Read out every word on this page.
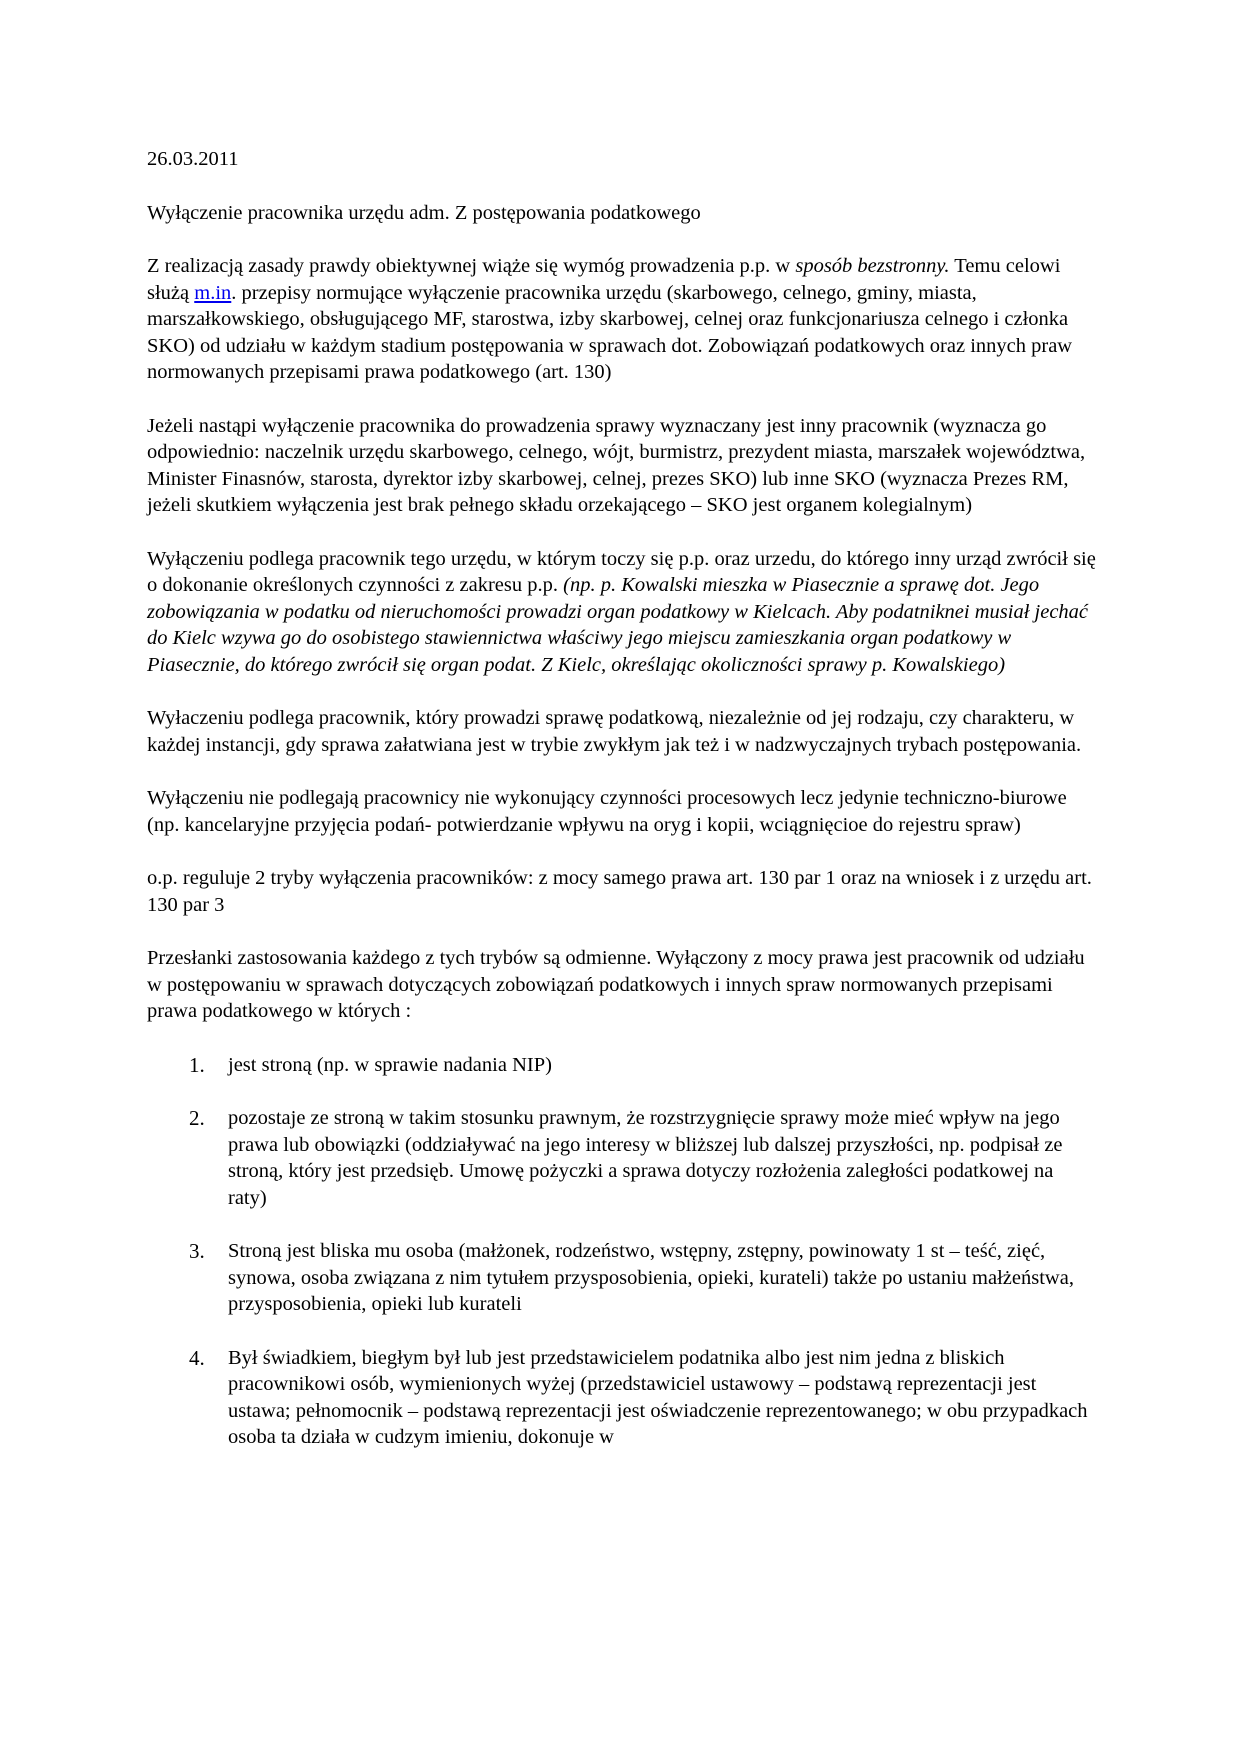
26.03.2011

Wyłączenie pracownika urzędu adm. Z postępowania podatkowego

Z realizacją zasady prawdy obiektywnej wiąże się wymóg prowadzenia p.p. w sposób bezstronny. Temu celowi służą m.in. przepisy normujące wyłączenie pracownika urzędu (skarbowego, celnego, gminy, miasta, marszałkowskiego, obsługującego MF, starostwa, izby skarbowej, celnej oraz funkcjonariusza celnego i członka SKO) od udziału w każdym stadium postępowania w sprawach dot. Zobowiązań podatkowych oraz innych praw normowanych przepisami prawa podatkowego (art. 130)

Jeżeli nastąpi wyłączenie pracownika do prowadzenia sprawy wyznaczany jest inny pracownik (wyznacza go odpowiednio: naczelnik urzędu skarbowego, celnego, wójt, burmistrz, prezydent miasta, marszałek województwa, Minister Finasnów, starosta, dyrektor izby skarbowej, celnej, prezes SKO) lub inne SKO (wyznacza Prezes RM, jeżeli skutkiem wyłączenia jest brak pełnego składu orzekającego – SKO jest organem kolegialnym)

Wyłączeniu podlega pracownik tego urzędu, w którym toczy się p.p. oraz urzedu, do którego inny urząd zwrócił się o dokonanie określonych czynności z zakresu p.p. (np. p. Kowalski mieszka w Piasecznie a sprawę dot. Jego zobowiązania w podatku od nieruchomości prowadzi organ podatkowy w Kielcach. Aby podatniknei musiał jechać do Kielc wzywa go do osobistego stawiennictwa właściwy jego miejscu zamieszkania organ podatkowy w Piasecznie, do którego zwrócił się organ podat. Z Kielc, określając okoliczności sprawy p. Kowalskiego)

Wyłaczeniu podlega pracownik, który prowadzi sprawę podatkową, niezależnie od jej rodzaju, czy charakteru, w każdej instancji, gdy sprawa załatwiana jest w trybie zwykłym jak też i w nadzwyczajnych trybach postępowania.

Wyłączeniu nie podlegają pracownicy nie wykonujący czynności procesowych lecz jedynie techniczno-biurowe (np. kancelaryjne przyjęcia podań- potwierdzanie wpływu na oryg i kopii, wciągnięcioe do rejestru spraw)

o.p. reguluje 2 tryby wyłączenia pracowników: z mocy samego prawa art. 130 par 1 oraz na wniosek i z urzędu art. 130 par 3

Przesłanki zastosowania każdego z tych trybów są odmienne. Wyłączony z mocy prawa jest pracownik od udziału w postępowaniu w sprawach dotyczących zobowiązań podatkowych i innych spraw normowanych przepisami prawa podatkowego w których :

1.	jest stroną (np. w sprawie nadania NIP)
2.	pozostaje ze stroną w takim stosunku prawnym, że rozstrzygnięcie sprawy może mieć wpływ na jego prawa lub obowiązki (oddziaływać na jego interesy w bliższej lub dalszej przyszłości, np. podpisał ze stroną, który jest przedsięb. Umowę pożyczki a sprawa dotyczy rozłożenia zaległości podatkowej na raty)
3.	Stroną jest bliska mu osoba (małżonek, rodzeństwo, wstępny, zstępny, powinowaty 1 st – teść, zięć, synowa, osoba związana z nim tytułem przysposobienia, opieki, kurateli) także po ustaniu małżeństwa, przysposobienia, opieki lub kurateli
4.	Był świadkiem, biegłym był lub jest przedstawicielem podatnika albo jest nim jedna z bliskich pracownikowi osób, wymienionych wyżej (przedstawiciel ustawowy – podstawą reprezentacji jest ustawa; pełnomocnik – podstawą reprezentacji jest oświadczenie reprezentowanego; w obu przypadkach osoba ta działa w cudzym imieniu, dokonuje w
